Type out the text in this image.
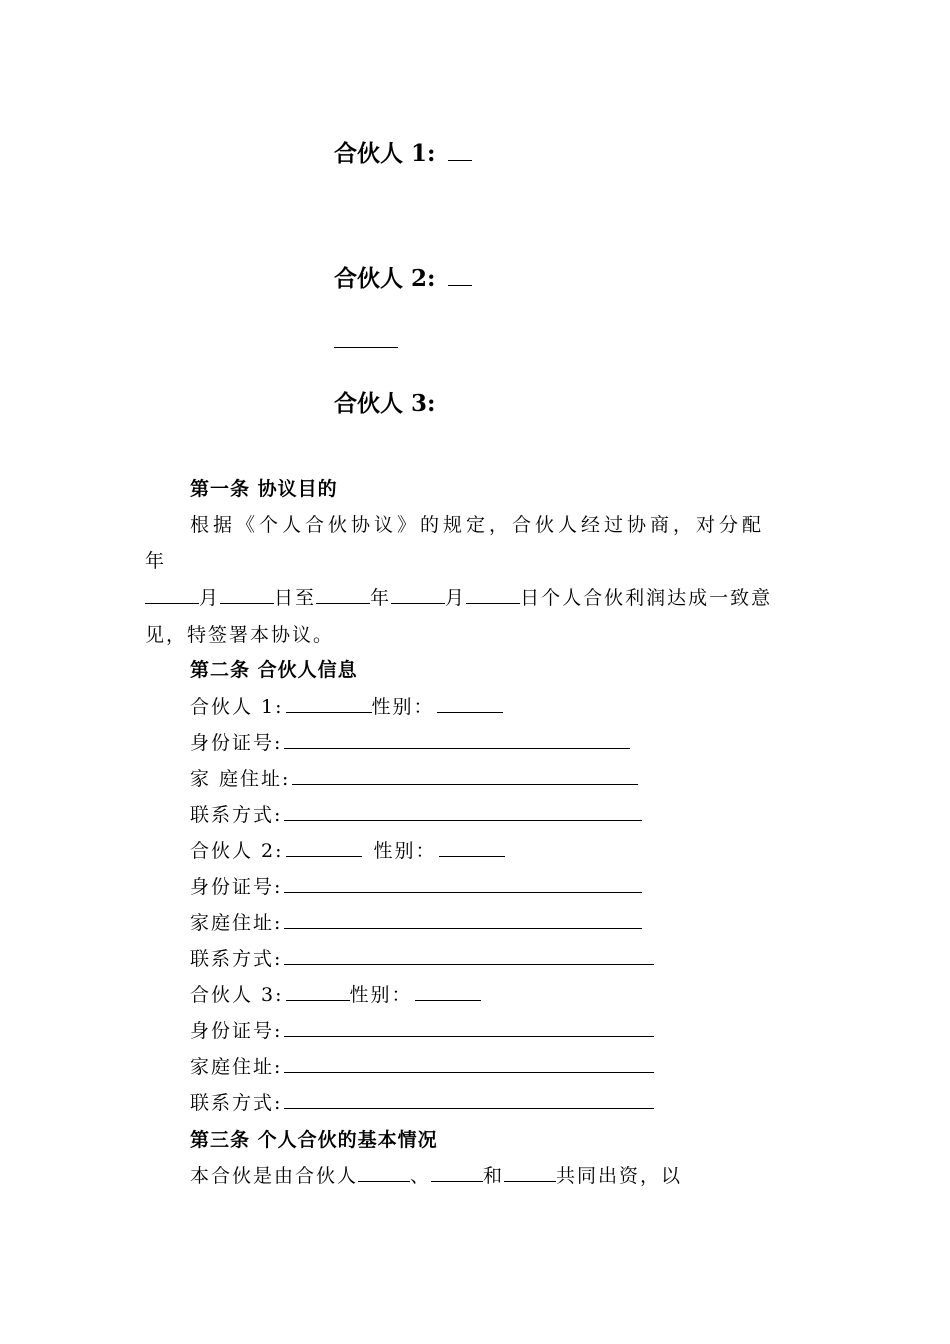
合伙人 1:
合伙人 2:
合伙人 3:
第一条 协议目的
根据《个人合伙协议》的规定，合伙人经过协商，对分配
年
月	日至	年	月	日个人合伙利润达成一致意
见，特签署本协议。
第二条 合伙人信息
合伙人 1:	性别：
身份证号:
家 庭住址:
联系方式:
合伙人 2:	性别：
身份证号:
家庭住址:
联系方式:
合伙人 3:	性别：
身份证号:
家庭住址:
联系方式:
第三条 个人合伙的基本情况
本合伙是由合伙人	、	和	共同出资，以
